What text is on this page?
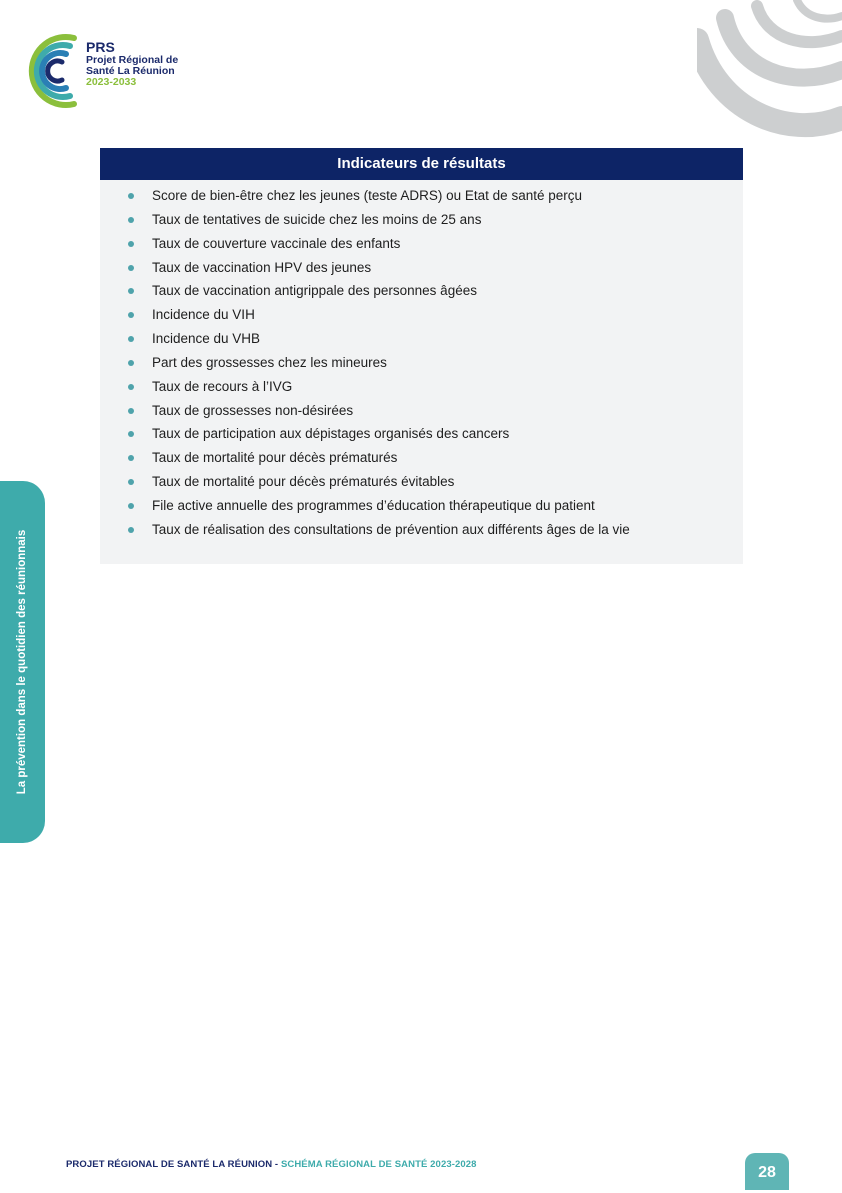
PRS
Projet Régional de
Santé La Réunion
2023-2033
Indicateurs de résultats
Score de bien-être chez les jeunes (teste ADRS) ou Etat de santé perçu
Taux de tentatives de suicide chez les moins de 25 ans
Taux de couverture vaccinale des enfants
Taux de vaccination HPV des jeunes
Taux de vaccination antigrippale des personnes âgées
Incidence du VIH
Incidence du VHB
Part des grossesses chez les mineures
Taux de recours à l’IVG
Taux de grossesses non-désirées
Taux de participation aux dépistages organisés des cancers
Taux de mortalité pour décès prématurés
Taux de mortalité pour décès prématurés évitables
File active annuelle des programmes d’éducation thérapeutique du patient
Taux de réalisation des consultations de prévention aux différents âges de la vie
La prévention dans le quotidien des réunionnais
PROJET RÉGIONAL DE SANTÉ LA RÉUNION - SCHÉMA RÉGIONAL DE SANTÉ 2023-2028	28
